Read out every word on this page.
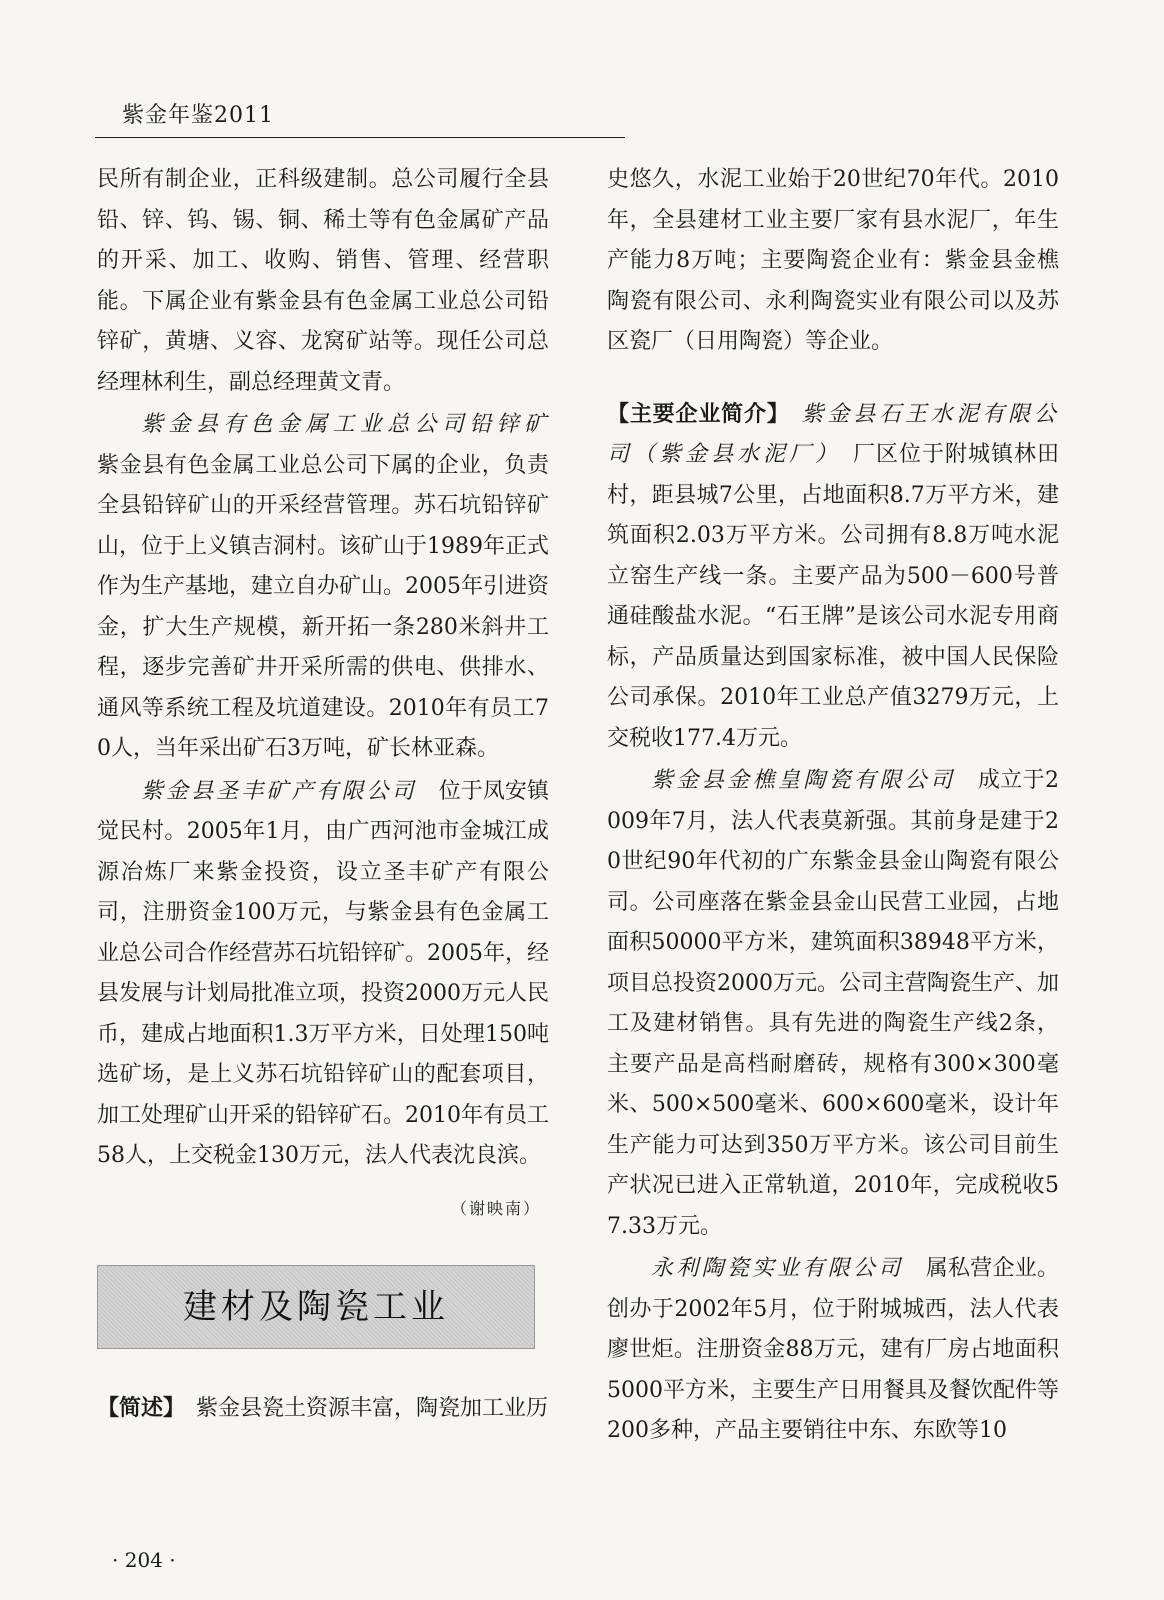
紫金年鉴2011

民所有制企业，正科级建制。总公司履行全县铅、锌、钨、锡、铜、稀土等有色金属矿产品的开采、加工、收购、销售、管理、经营职能。下属企业有紫金县有色金属工业总公司铅锌矿，黄塘、义容、龙窝矿站等。现任公司总经理林利生，副总经理黄文青。

紫金县有色金属工业总公司铅锌矿　紫金县有色金属工业总公司下属的企业，负责全县铅锌矿山的开采经营管理。苏石坑铅锌矿山，位于上义镇吉洞村。该矿山于1989年正式作为生产基地，建立自办矿山。2005年引进资金，扩大生产规模，新开拓一条280米斜井工程，逐步完善矿井开采所需的供电、供排水、通风等系统工程及坑道建设。2010年有员工70人，当年采出矿石3万吨，矿长林亚森。

紫金县圣丰矿产有限公司　 位于凤安镇觉民村。2005年1月，由广西河池市金城江成源冶炼厂来紫金投资，设立圣丰矿产有限公司，注册资金100万元，与紫金县有色金属工业总公司合作经营苏石坑铅锌矿。2005年，经县发展与计划局批准立项，投资2000万元人民币，建成占地面积1.3万平方米，日处理150吨选矿场，是上义苏石坑铅锌矿山的配套项目，加工处理矿山开采的铅锌矿石。2010年有员工58人，上交税金130万元，法人代表沈良滨。

（谢映南）
建材及陶瓷工业

【简述】　 紫金县瓷土资源丰富，陶瓷加工业历

史悠久，水泥工业始于20世纪70年代。2010年，全县建材工业主要厂家有县水泥厂，年生产能力8万吨；主要陶瓷企业有：紫金县金樵陶瓷有限公司、永利陶瓷实业有限公司以及苏区瓷厂（日用陶瓷）等企业。

【主要企业简介】　 紫金县石王水泥有限公司（紫金县水泥厂）　 厂区位于附城镇林田村，距县城7公里，占地面积8.7万平方米，建筑面积2.03万平方米。公司拥有8.8万吨水泥立窑生产线一条。主要产品为500－600号普通硅酸盐水泥。“石王牌”是该公司水泥专用商标，产品质量达到国家标准，被中国人民保险公司承保。2010年工业总产值3279万元，上交税收177.4万元。

紫金县金樵皇陶瓷有限公司　 成立于2009年7月，法人代表莫新强。其前身是建于20世纪90年代初的广东紫金县金山陶瓷有限公司。公司座落在紫金县金山民营工业园，占地面积50000平方米，建筑面积38948平方米，项目总投资2000万元。公司主营陶瓷生产、加工及建材销售。具有先进的陶瓷生产线2条，主要产品是高档耐磨砖，规格有300×300毫米、500×500毫米、600×600毫米，设计年生产能力可达到350万平方米。该公司目前生产状况已进入正常轨道，2010年，完成税收57.33万元。

永利陶瓷实业有限公司　 属私营企业。创办于2002年5月，位于附城城西，法人代表廖世炬。注册资金88万元，建有厂房占地面积5000平方米，主要生产日用餐具及餐饮配件等200多种，产品主要销往中东、东欧等10

· 204 ·
